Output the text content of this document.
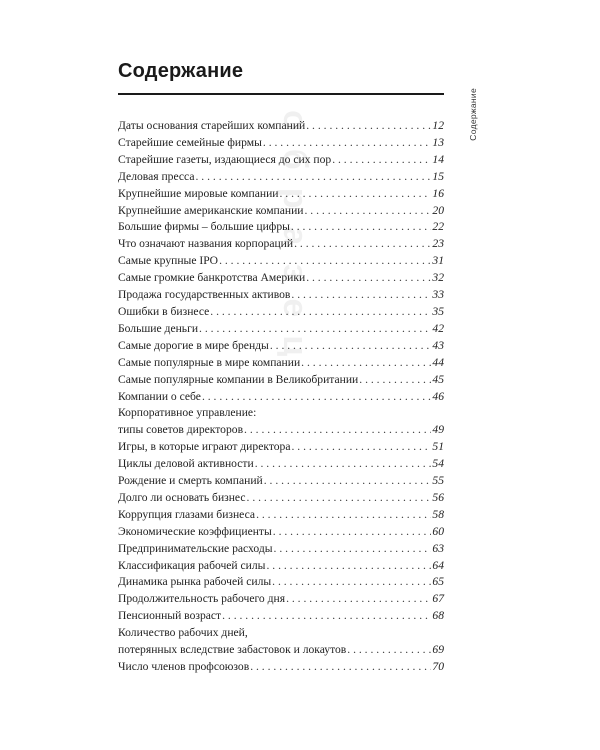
Содержание
Содержание
образец
Даты основания старейших компаний . . .	12
Старейшие семейные фирмы . . .	13
Старейшие газеты, издающиеся до сих пор . . .	14
Деловая пресса . . .	15
Крупнейшие мировые компании . . .	16
Крупнейшие американские компании . . .	20
Большие фирмы – большие цифры . . .	22
Что означают названия корпораций . . .	23
Самые крупные IPO . . .	31
Самые громкие банкротства Америки . . .	32
Продажа государственных активов . . .	33
Ошибки в бизнесе . . .	35
Большие деньги . . .	42
Самые дорогие в мире бренды . . .	43
Самые популярные в мире компании . . .	44
Самые популярные компании в Великобритании . . .	45
Компании о себе . . .	46
Корпоративное управление:
типы советов директоров . . .	49
Игры, в которые играют директора . . .	51
Циклы деловой активности . . .	54
Рождение и смерть компаний . . .	55
Долго ли основать бизнес . . .	56
Коррупция глазами бизнеса . . .	58
Экономические коэффициенты . . .	60
Предпринимательские расходы . . .	63
Классификация рабочей силы . . .	64
Динамика рынка рабочей силы . . .	65
Продолжительность рабочего дня . . .	67
Пенсионный возраст . . .	68
Количество рабочих дней,
потерянных вследствие забастовок и локаутов . . .	69
Число членов профсоюзов . . .	70
